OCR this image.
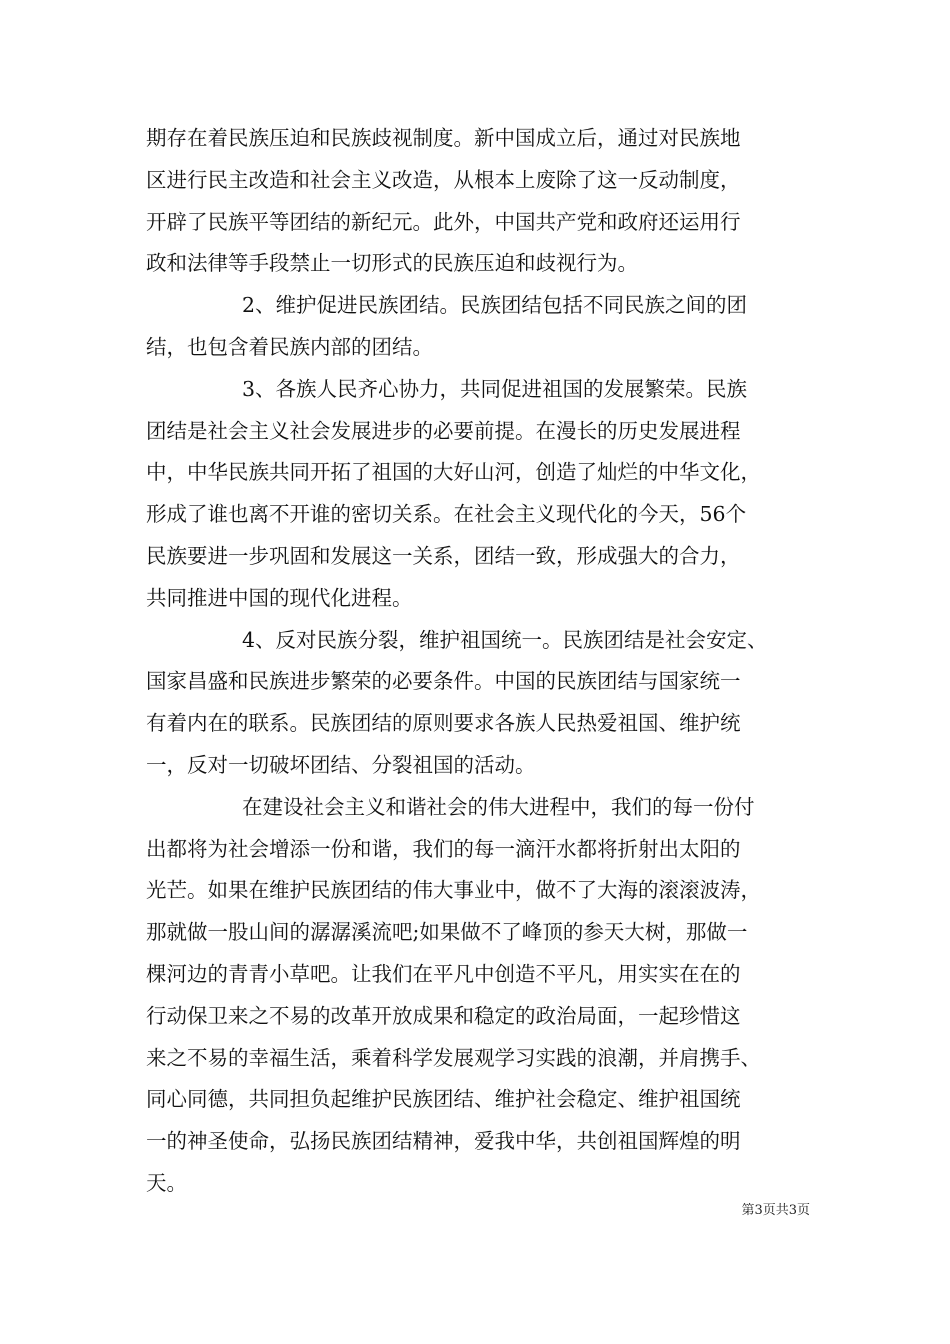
期存在着民族压迫和民族歧视制度。新中国成立后，通过对民族地
区进行民主改造和社会主义改造，从根本上废除了这一反动制度，
开辟了民族平等团结的新纪元。此外，中国共产党和政府还运用行
政和法律等手段禁止一切形式的民族压迫和歧视行为。
2、维护促进民族团结。民族团结包括不同民族之间的团
结，也包含着民族内部的团结。
3、各族人民齐心协力，共同促进祖国的发展繁荣。民族
团结是社会主义社会发展进步的必要前提。在漫长的历史发展进程
中，中华民族共同开拓了祖国的大好山河，创造了灿烂的中华文化，
形成了谁也离不开谁的密切关系。在社会主义现代化的今天，56个
民族要进一步巩固和发展这一关系，团结一致，形成强大的合力，
共同推进中国的现代化进程。
4、反对民族分裂，维护祖国统一。民族团结是社会安定、
国家昌盛和民族进步繁荣的必要条件。中国的民族团结与国家统一
有着内在的联系。民族团结的原则要求各族人民热爱祖国、维护统
一，反对一切破坏团结、分裂祖国的活动。
在建设社会主义和谐社会的伟大进程中，我们的每一份付
出都将为社会增添一份和谐，我们的每一滴汗水都将折射出太阳的
光芒。如果在维护民族团结的伟大事业中，做不了大海的滚滚波涛，
那就做一股山间的潺潺溪流吧;如果做不了峰顶的参天大树，那做一
棵河边的青青小草吧。让我们在平凡中创造不平凡，用实实在在的
行动保卫来之不易的改革开放成果和稳定的政治局面，一起珍惜这
来之不易的幸福生活，乘着科学发展观学习实践的浪潮，并肩携手、
同心同德，共同担负起维护民族团结、维护社会稳定、维护祖国统
一的神圣使命，弘扬民族团结精神，爱我中华，共创祖国辉煌的明
天。
第3页共3页
